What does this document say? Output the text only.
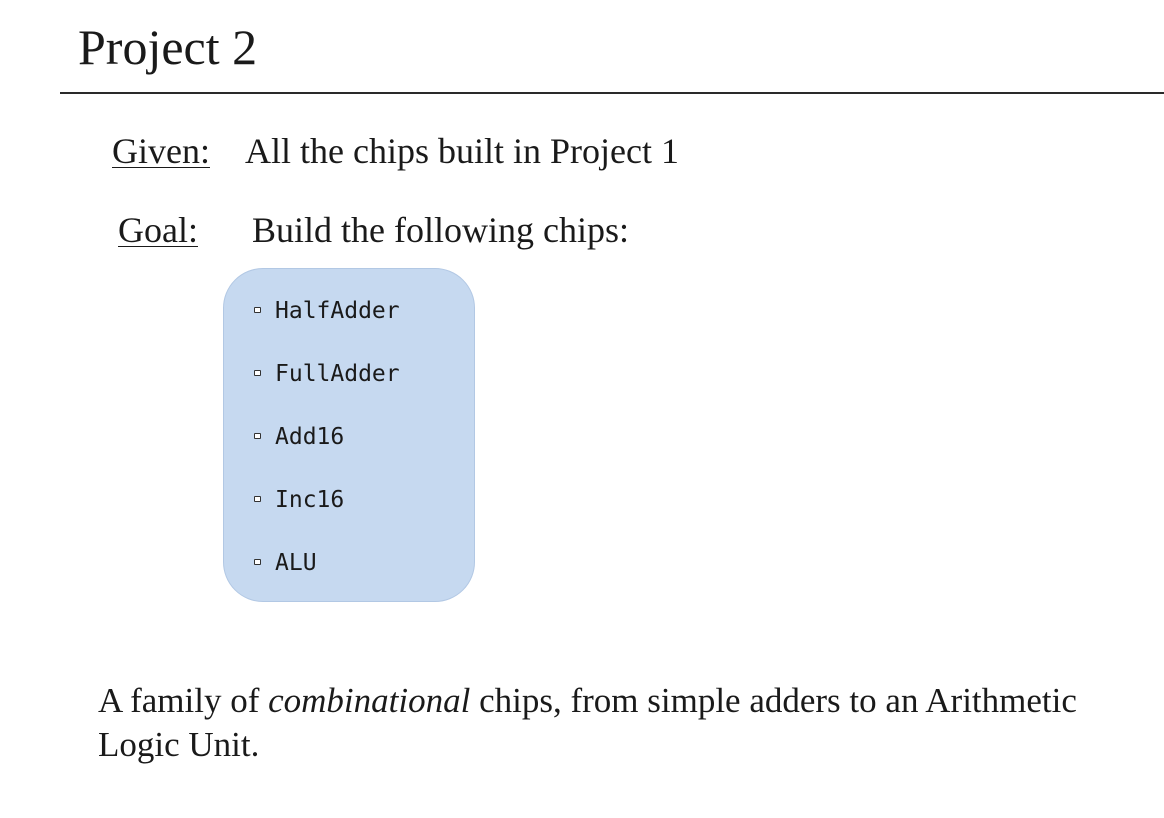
Project 2
Given: All the chips built in Project 1
Goal: Build the following chips:
HalfAdder
FullAdder
Add16
Inc16
ALU

A family of combinational chips, from simple adders to an Arithmetic Logic Unit.
